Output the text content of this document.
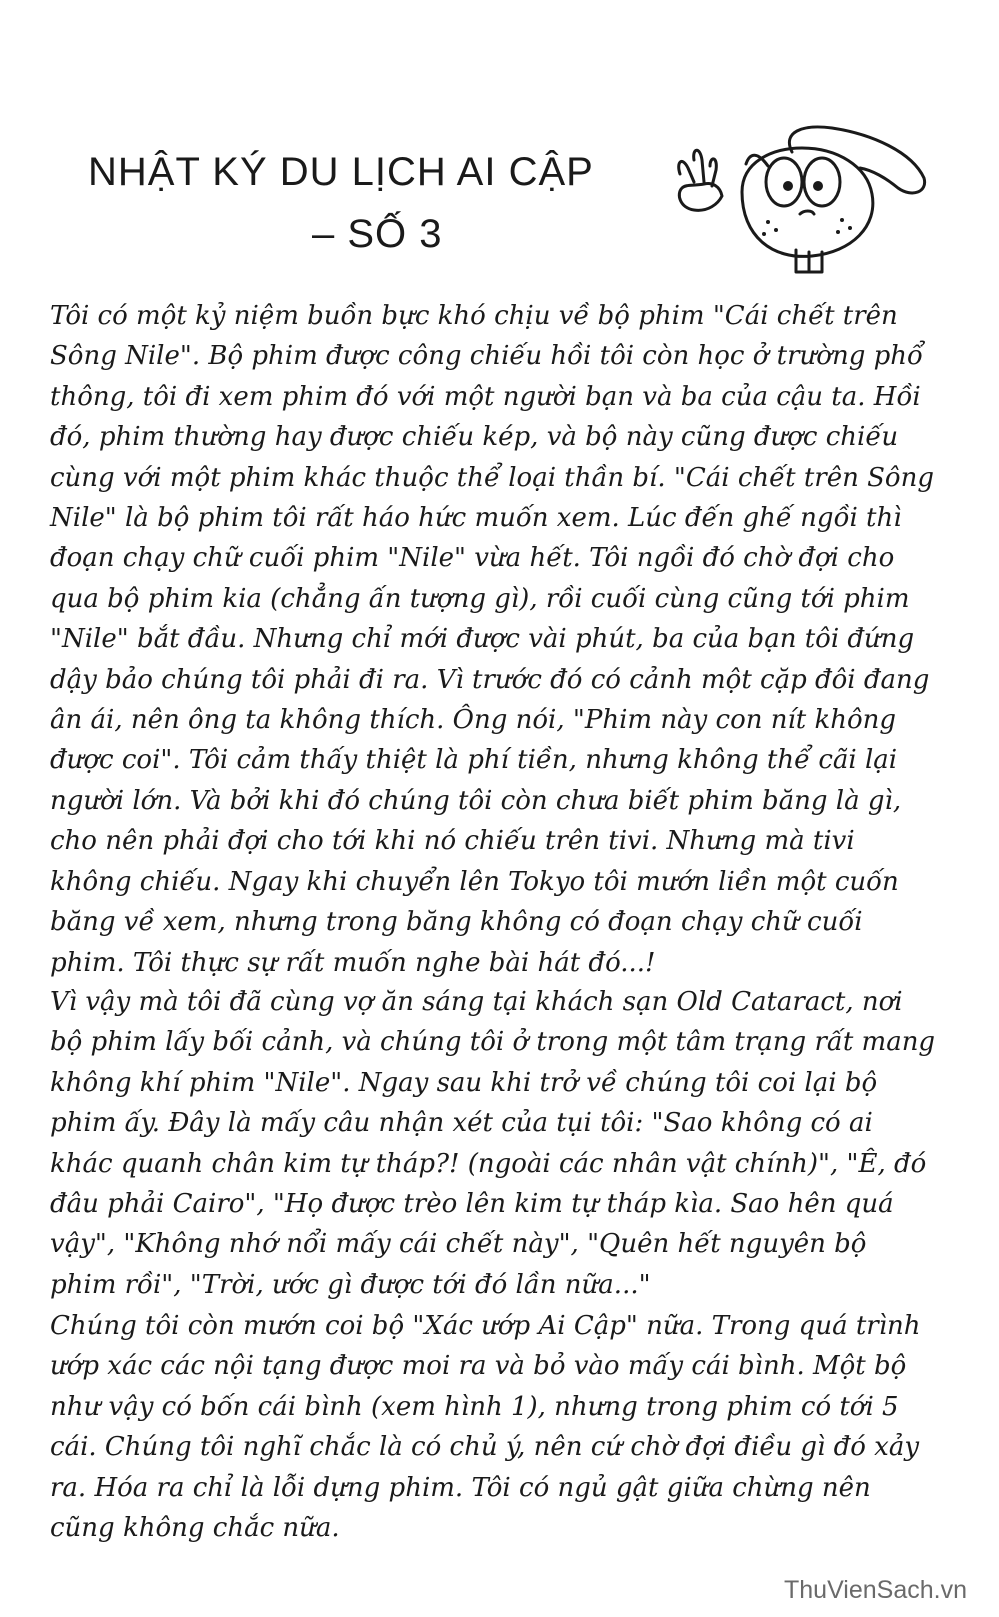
NHẬT KÝ DU LỊCH AI CẬP
– SỐ 3

Tôi có một kỷ niệm buồn bực khó chịu về bộ phim "Cái chết trên Sông Nile". Bộ phim được công chiếu hồi tôi còn học ở trường phổ thông, tôi đi xem phim đó với một người bạn và ba của cậu ta. Hồi đó, phim thường hay được chiếu kép, và bộ này cũng được chiếu cùng với một phim khác thuộc thể loại thần bí. "Cái chết trên Sông Nile" là bộ phim tôi rất háo hức muốn xem. Lúc đến ghế ngồi thì đoạn chạy chữ cuối phim "Nile" vừa hết. Tôi ngồi đó chờ đợi cho qua bộ phim kia (chẳng ấn tượng gì), rồi cuối cùng cũng tới phim "Nile" bắt đầu. Nhưng chỉ mới được vài phút, ba của bạn tôi đứng dậy bảo chúng tôi phải đi ra. Vì trước đó có cảnh một cặp đôi đang ân ái, nên ông ta không thích. Ông nói, "Phim này con nít không được coi". Tôi cảm thấy thiệt là phí tiền, nhưng không thể cãi lại người lớn. Và bởi khi đó chúng tôi còn chưa biết phim băng là gì, cho nên phải đợi cho tới khi nó chiếu trên tivi. Nhưng mà tivi không chiếu. Ngay khi chuyển lên Tokyo tôi mướn liền một cuốn băng về xem, nhưng trong băng không có đoạn chạy chữ cuối phim. Tôi thực sự rất muốn nghe bài hát đó...!

Vì vậy mà tôi đã cùng vợ ăn sáng tại khách sạn Old Cataract, nơi bộ phim lấy bối cảnh, và chúng tôi ở trong một tâm trạng rất mang không khí phim "Nile". Ngay sau khi trở về chúng tôi coi lại bộ phim ấy. Đây là mấy câu nhận xét của tụi tôi: "Sao không có ai khác quanh chân kim tự tháp?! (ngoài các nhân vật chính)", "Ê, đó đâu phải Cairo", "Họ được trèo lên kim tự tháp kìa. Sao hên quá vậy", "Không nhớ nổi mấy cái chết này", "Quên hết nguyên bộ phim rồi", "Trời, ước gì được tới đó lần nữa..."

Chúng tôi còn mướn coi bộ "Xác ướp Ai Cập" nữa. Trong quá trình ướp xác các nội tạng được moi ra và bỏ vào mấy cái bình. Một bộ như vậy có bốn cái bình (xem hình 1), nhưng trong phim có tới 5 cái. Chúng tôi nghĩ chắc là có chủ ý, nên cứ chờ đợi điều gì đó xảy ra. Hóa ra chỉ là lỗi dựng phim. Tôi có ngủ gật giữa chừng nên cũng không chắc nữa.

ThuVienSach.vn
